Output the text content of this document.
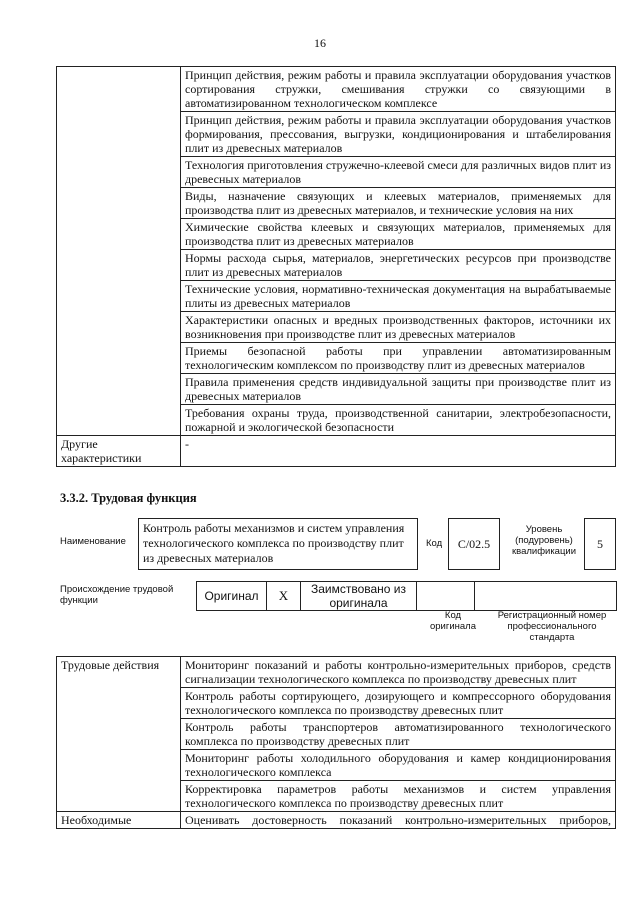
16
	Принцип действия, режим работы и правила эксплуатации оборудования участков сортирования стружки, смешивания стружки со связующими в автоматизированном технологическом комплексе
	Принцип действия, режим работы и правила эксплуатации оборудования участков формирования, прессования, выгрузки, кондиционирования и штабелирования плит из древесных материалов
	Технология приготовления стружечно-клеевой смеси для различных видов плит из древесных материалов
	Виды, назначение связующих и клеевых материалов, применяемых для производства плит из древесных материалов, и технические условия на них
	Химические свойства клеевых и связующих материалов, применяемых для производства плит из древесных материалов
	Нормы расхода сырья, материалов, энергетических ресурсов при производстве плит из древесных материалов
	Технические условия, нормативно-техническая документация на вырабатываемые плиты из древесных материалов
	Характеристики опасных и вредных производственных факторов, источники их возникновения при производстве плит из древесных материалов
	Приемы безопасной работы при управлении автоматизированным технологическим комплексом по производству плит из древесных материалов
	Правила применения средств индивидуальной защиты при производстве плит из древесных материалов
	Требования охраны труда, производственной санитарии, электробезопасности, пожарной и экологической безопасности
Другие характеристики	-
3.3.2. Трудовая функция
Наименование
Контроль работы механизмов и систем управления технологического комплекса по производству плит из древесных материалов
Код	С/02.5
Уровень (подуровень) квалификации
5
Происхождение трудовой функции	Оригинал	X	Заимствовано из оригинала		
Код оригинала
Регистрационный номер профессионального стандарта
Трудовые действия	Мониторинг показаний и работы контрольно-измерительных приборов, средств сигнализации технологического комплекса по производству древесных плит
	Контроль работы сортирующего, дозирующего и компрессорного оборудования технологического комплекса по производству древесных плит
	Контроль работы транспортеров автоматизированного технологического комплекса по производству древесных плит
	Мониторинг работы холодильного оборудования и камер кондиционирования технологического комплекса
	Корректировка параметров работы механизмов и систем управления технологического комплекса по производству древесных плит
Необходимые	Оценивать достоверность показаний контрольно-измерительных приборов,
